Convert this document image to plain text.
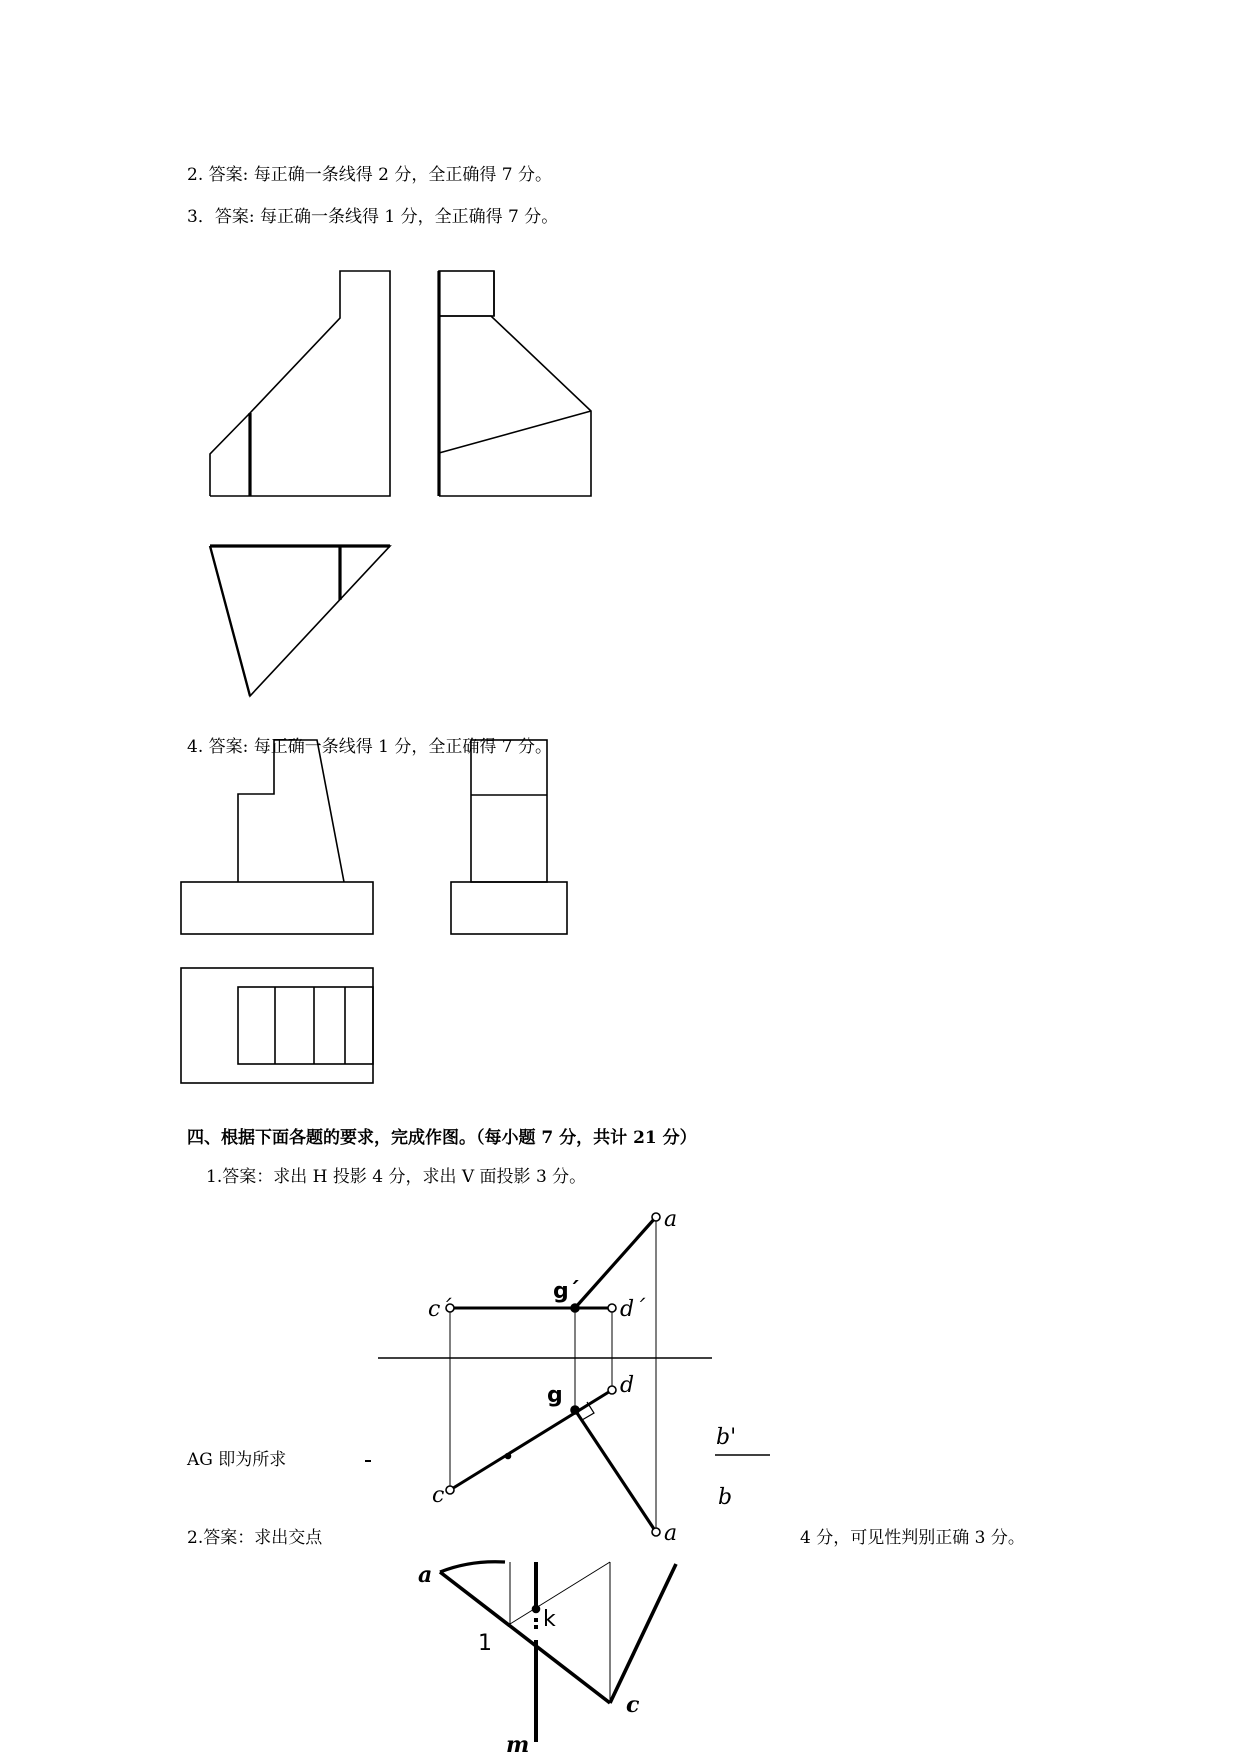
2. 答案: 每正确一条线得 2 分，全正确得 7 分。
3．答案: 每正确一条线得 1 分，全正确得 7 分。
4. 答案: 每正确一条线得 1 分，全正确得 7 分。
四、根据下面各题的要求，完成作图。（每小题 7 分，共计 21 分）
1.答案：求出 H 投影 4 分，求出 V 面投影 3 分。
AG 即为所求
2.答案：求出交点	4 分，可见性判别正确 3 分。
a
g´
c´	d´
g	d
c
a
b'
b
a
k
1
c
m
